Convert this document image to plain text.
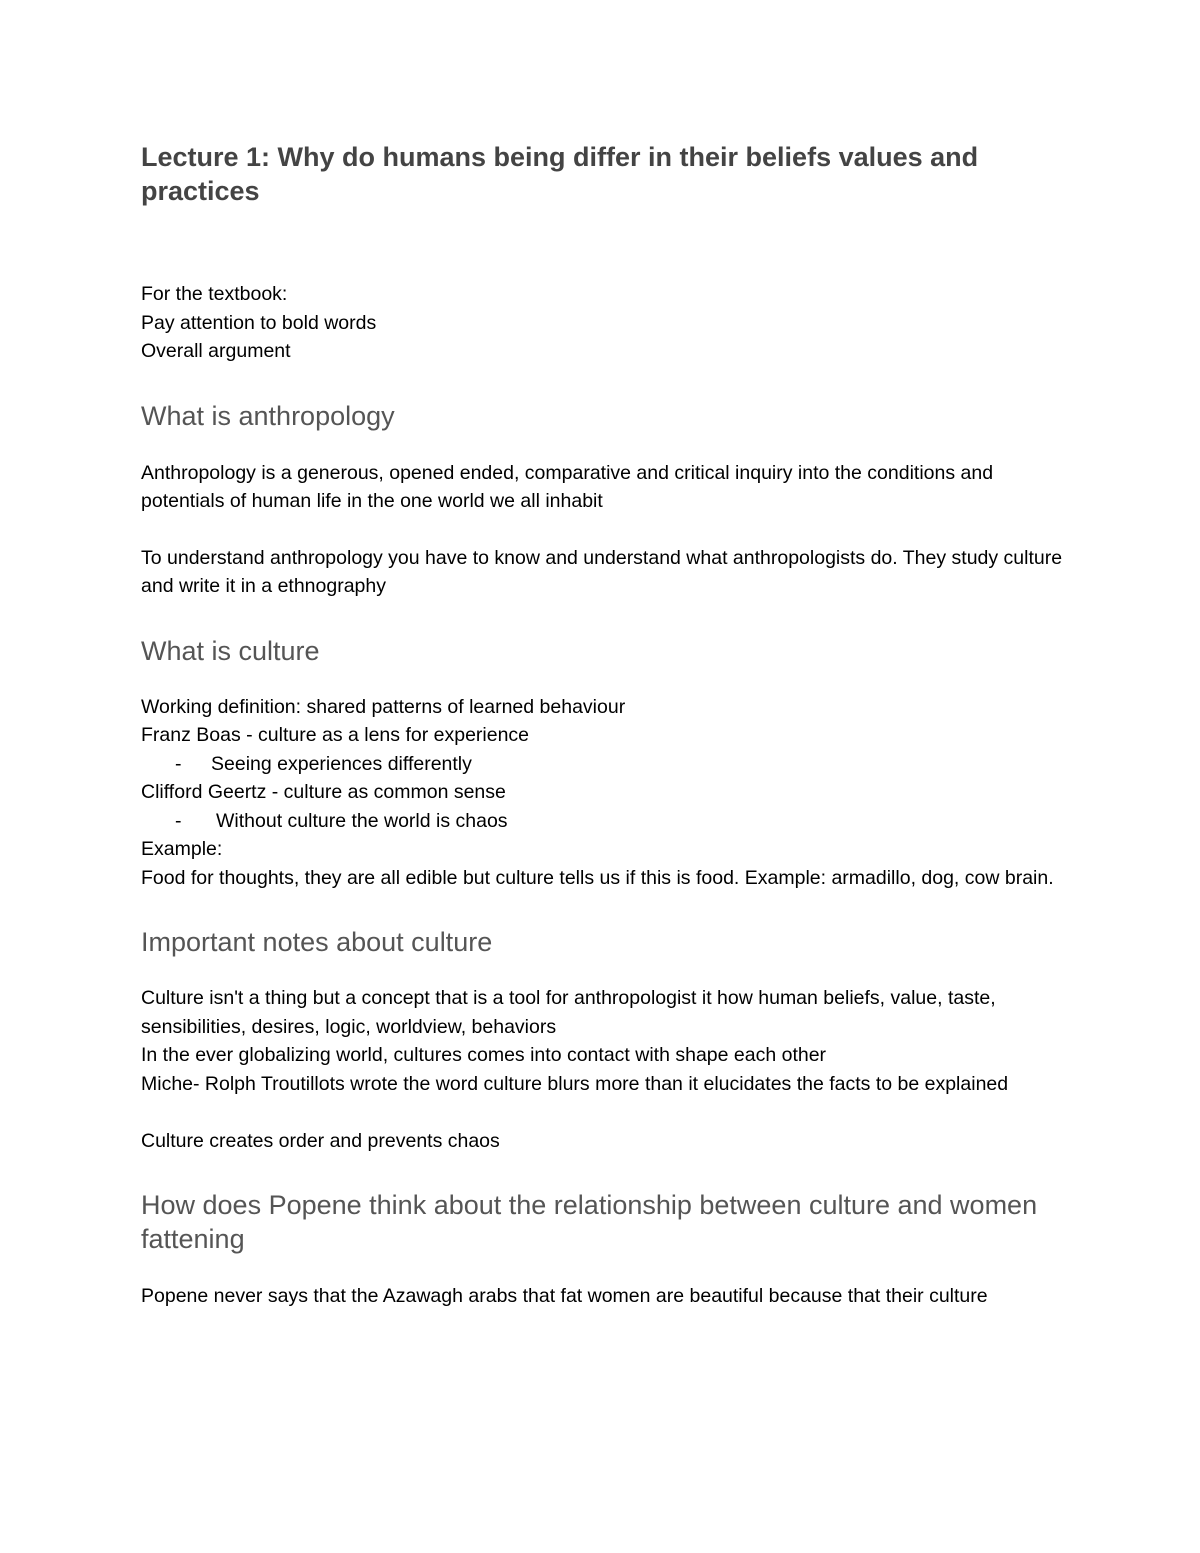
Lecture 1: Why do humans being differ in their beliefs values and practices

For the textbook:

Pay attention to bold words

Overall argument

What is anthropology

Anthropology is a generous, opened ended, comparative and critical inquiry into the conditions and potentials of human life in the one world we all inhabit

To understand anthropology you have to know and understand what anthropologists do. They study culture and write it in a ethnography

What is culture

Working definition: shared patterns of learned behaviour

Franz Boas - culture as a lens for experience

- Seeing experiences differently

Clifford Geertz - culture as common sense

- Without culture the world is chaos

Example:

Food for thoughts, they are all edible but culture tells us if this is food. Example: armadillo, dog, cow brain.

Important notes about culture

Culture isn't a thing but a concept that is a tool for anthropologist it how human beliefs, value, taste, sensibilities, desires, logic, worldview, behaviors

In the ever globalizing world, cultures comes into contact with shape each other

Miche- Rolph Troutillots wrote the word culture blurs more than it elucidates the facts to be explained

Culture creates order and prevents chaos

How does Popene think about the relationship between culture and women fattening

Popene never says that the Azawagh arabs that fat women are beautiful because that their culture
